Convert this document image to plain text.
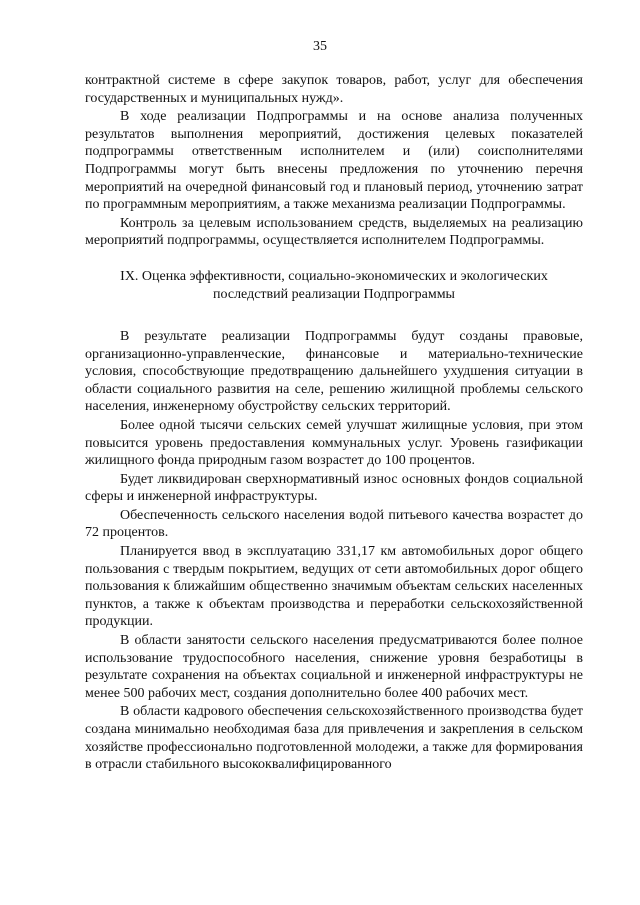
35

контрактной системе в сфере закупок товаров, работ, услуг для обеспечения государственных и муниципальных нужд».

В ходе реализации Подпрограммы и на основе анализа полученных результатов выполнения мероприятий, достижения целевых показателей подпрограммы ответственным исполнителем и (или) соисполнителями Подпрограммы могут быть внесены предложения по уточнению перечня мероприятий на очередной финансовый год и плановый период, уточнению затрат по программным мероприятиям, а также механизма реализации Подпрограммы.

Контроль за целевым использованием средств, выделяемых на реализацию мероприятий подпрограммы, осуществляется исполнителем Подпрограммы.

IX. Оценка эффективности, социально-экономических и экологических
последствий реализации Подпрограммы

В результате реализации Подпрограммы будут созданы правовые, организационно-управленческие, финансовые и материально-технические условия, способствующие предотвращению дальнейшего ухудшения ситуации в области социального развития на селе, решению жилищной проблемы сельского населения, инженерному обустройству сельских территорий.

Более одной тысячи сельских семей улучшат жилищные условия, при этом повысится уровень предоставления коммунальных услуг. Уровень газификации жилищного фонда природным газом возрастет до 100 процентов.

Будет ликвидирован сверхнормативный износ основных фондов социальной сферы и инженерной инфраструктуры.

Обеспеченность сельского населения водой питьевого качества возрастет до 72 процентов.

Планируется ввод в эксплуатацию 331,17 км автомобильных дорог общего пользования с твердым покрытием, ведущих от сети автомобильных дорог общего пользования к ближайшим общественно значимым объектам сельских населенных пунктов, а также к объектам производства и переработки сельскохозяйственной продукции.

В области занятости сельского населения предусматриваются более полное использование трудоспособного населения, снижение уровня безработицы в результате сохранения на объектах социальной и инженерной инфраструктуры не менее 500 рабочих мест, создания дополнительно более 400 рабочих мест.

В области кадрового обеспечения сельскохозяйственного производства будет создана минимально необходимая база для привлечения и закрепления в сельском хозяйстве профессионально подготовленной молодежи, а также для формирования в отрасли стабильного высококвалифицированного
